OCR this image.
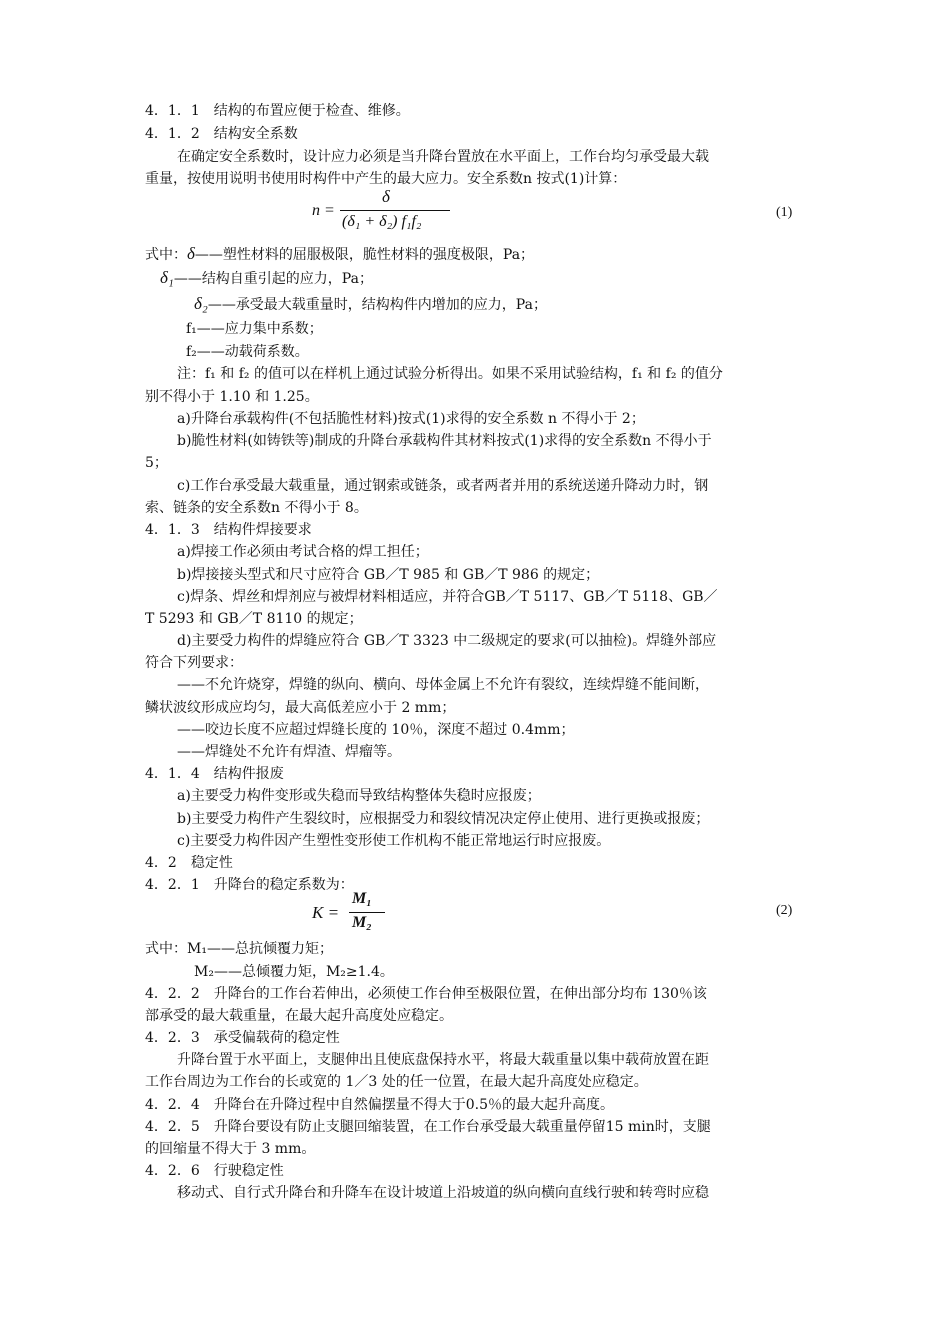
4．1．1　结构的布置应便于检查、维修。
4．1．2　结构安全系数
在确定安全系数时，设计应力必须是当升降台置放在水平面上，工作台均匀承受最大载
重量，按使用说明书使用时构件中产生的最大应力。安全系数n 按式(1)计算：
n =
δ
(δ₁ + δ₂) f₁f₂
(1)
式中：δ——塑性材料的屈服极限，脆性材料的强度极限，Pa；
δ₁——结构自重引起的应力，Pa；
δ₂——承受最大载重量时，结构构件内增加的应力，Pa；
f₁——应力集中系数；
f₂——动载荷系数。
注：f₁ 和 f₂ 的值可以在样机上通过试验分析得出。如果不采用试验结构，f₁ 和 f₂ 的值分
别不得小于 1.10 和 1.25。
a)升降台承载构件(不包括脆性材料)按式(1)求得的安全系数 n 不得小于 2；
b)脆性材料(如铸铁等)制成的升降台承载构件其材料按式(1)求得的安全系数n 不得小于
5；
c)工作台承受最大载重量，通过钢索或链条，或者两者并用的系统送递升降动力时，钢
索、链条的安全系数n 不得小于 8。
4．1．3　结构件焊接要求
a)焊接工作必须由考试合格的焊工担任；
b)焊接接头型式和尺寸应符合 GB／T 985 和 GB／T 986 的规定；
c)焊条、焊丝和焊剂应与被焊材料相适应，并符合GB／T 5117、GB／T 5118、GB／
T 5293 和 GB／T 8110 的规定；
d)主要受力构件的焊缝应符合 GB／T 3323 中二级规定的要求(可以抽检)。焊缝外部应
符合下列要求：
——不允许烧穿，焊缝的纵向、横向、母体金属上不允许有裂纹，连续焊缝不能间断，
鳞状波纹形成应均匀，最大高低差应小于 2 mm；
——咬边长度不应超过焊缝长度的 10％，深度不超过 0.4mm；
——焊缝处不允许有焊渣、焊瘤等。
4．1．4　结构件报废
a)主要受力构件变形或失稳而导致结构整体失稳时应报废；
b)主要受力构件产生裂纹时，应根据受力和裂纹情况决定停止使用、进行更换或报废；
c)主要受力构件因产生塑性变形使工作机构不能正常地运行时应报废。
4．2　稳定性
4．2．1　升降台的稳定系数为：
K =
M₁
M₂
(2)
式中：M₁——总抗倾覆力矩；
M₂——总倾覆力矩，M₂≥1.4。
4．2．2　升降台的工作台若伸出，必须使工作台伸至极限位置，在伸出部分均布 130％该
部承受的最大载重量，在最大起升高度处应稳定。
4．2．3　承受偏载荷的稳定性
升降台置于水平面上，支腿伸出且使底盘保持水平，将最大载重量以集中载荷放置在距
工作台周边为工作台的长或宽的 1／3 处的任一位置，在最大起升高度处应稳定。
4．2．4　升降台在升降过程中自然偏摆量不得大于0.5％的最大起升高度。
4．2．5　升降台要设有防止支腿回缩装置，在工作台承受最大载重量停留15 min时，支腿
的回缩量不得大于 3 mm。
4．2．6　行驶稳定性
移动式、自行式升降台和升降车在设计坡道上沿坡道的纵向横向直线行驶和转弯时应稳
